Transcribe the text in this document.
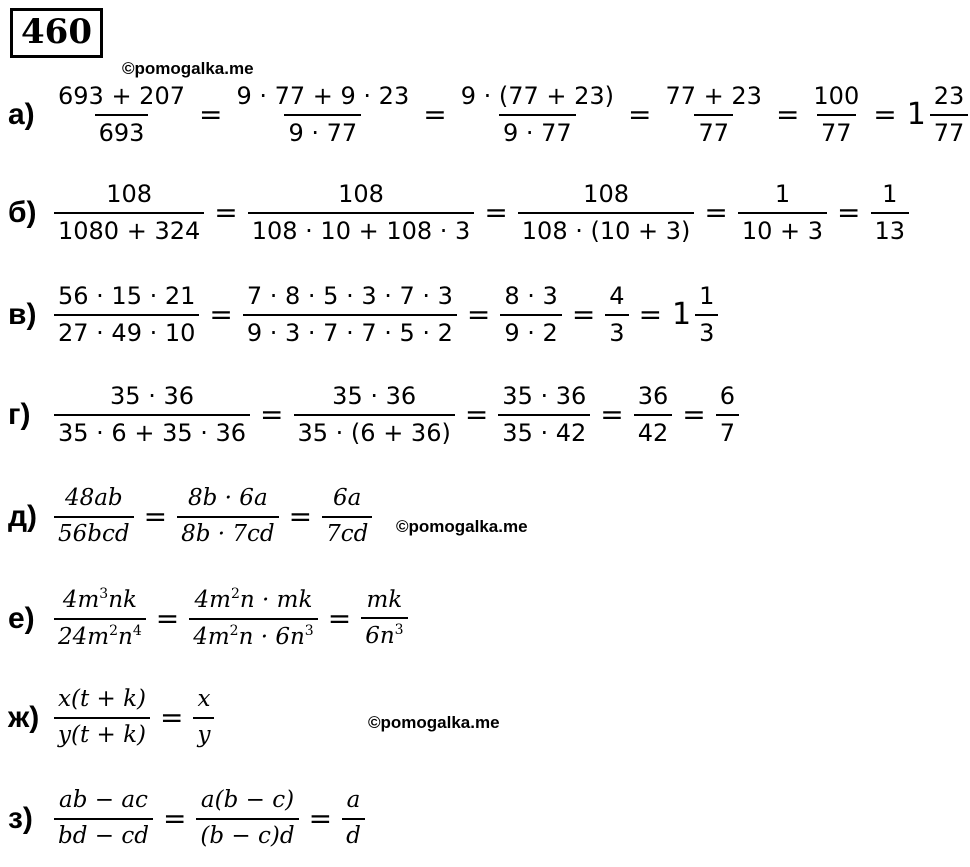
460
©pomogalka.me
©pomogalka.me
©pomogalka.me
$а) \frac{693 + 207}{693} = \frac{9 \cdot 77 + 9 \cdot 23}{9 \cdot 77} = \frac{9 \cdot (77 + 23)}{9 \cdot 77} = \frac{77 + 23}{77} = \frac{100}{77} = 1 \frac{23}{77}$
$б) \frac{108}{1080 + 324} = \frac{108}{108 \cdot 10 + 108 \cdot 3} = \frac{108}{108 \cdot (10 + 3)} = \frac{1}{10 + 3} = \frac{1}{13}$
$в) \frac{56 \cdot 15 \cdot 21}{27 \cdot 49 \cdot 10} = \frac{7 \cdot 8 \cdot 5 \cdot 3 \cdot 7 \cdot 3}{9 \cdot 3 \cdot 7 \cdot 7 \cdot 5 \cdot 2} = \frac{8 \cdot 3}{9 \cdot 2} = \frac{4}{3} = 1 \frac{1}{3}$
$г) \frac{35 \cdot 36}{35 \cdot 6 + 35 \cdot 36} = \frac{35 \cdot 36}{35 \cdot (6 + 36)} = \frac{35 \cdot 36}{35 \cdot 42} = \frac{36}{42} = \frac{6}{7}$
$д) \frac{48ab}{\text{56bcd}} = \frac{8b \cdot 6a}{8b \cdot 7cd} = \frac{6a}{7cd}$
$е) \frac{4m^3nk}{24m^2n^4} = \frac{4m^2n \cdot mk}{4m^2n \cdot 6n^3} = \frac{mk}{6n^3}$
$ж) \frac{x(t + k)}{y(t + k)} = \frac{x}{y}$
$з) \frac{ab - ac}{bd - cd} = \frac{a(b - c)}{(b - c)d} = \frac{a}{d}$
